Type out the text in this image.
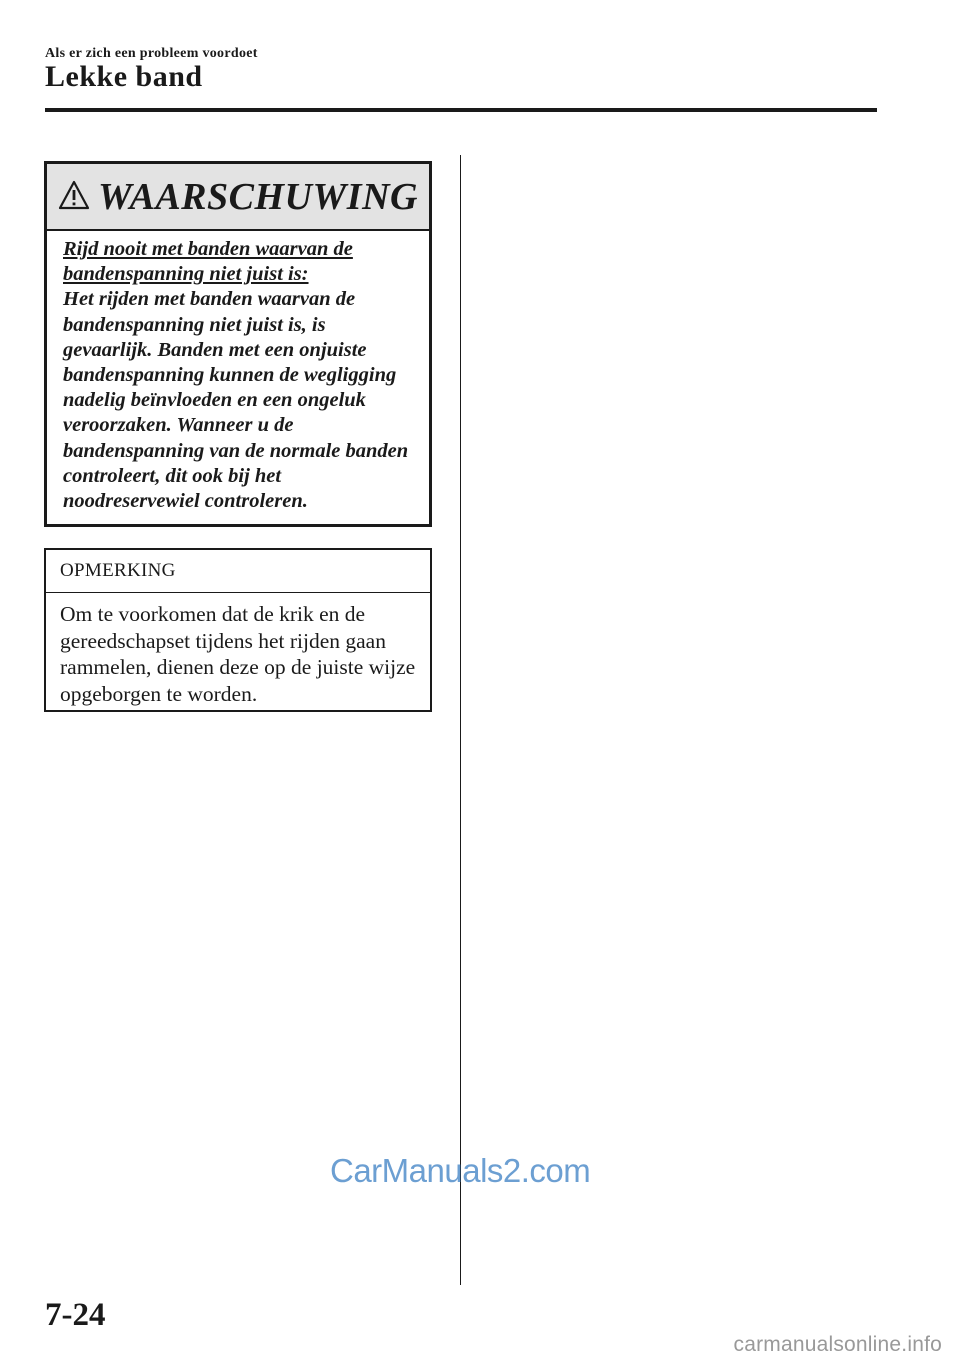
Als er zich een probleem voordoet
Lekke band
WAARSCHUWING
Rijd nooit met banden waarvan de bandenspanning niet juist is:
Het rijden met banden waarvan de bandenspanning niet juist is, is gevaarlijk. Banden met een onjuiste bandenspanning kunnen de wegligging nadelig beïnvloeden en een ongeluk veroorzaken. Wanneer u de bandenspanning van de normale banden controleert, dit ook bij het noodreservewiel controleren.
OPMERKING
Om te voorkomen dat de krik en de gereedschapset tijdens het rijden gaan rammelen, dienen deze op de juiste wijze opgeborgen te worden.
CarManuals2.com
7-24
carmanualsonline.info
